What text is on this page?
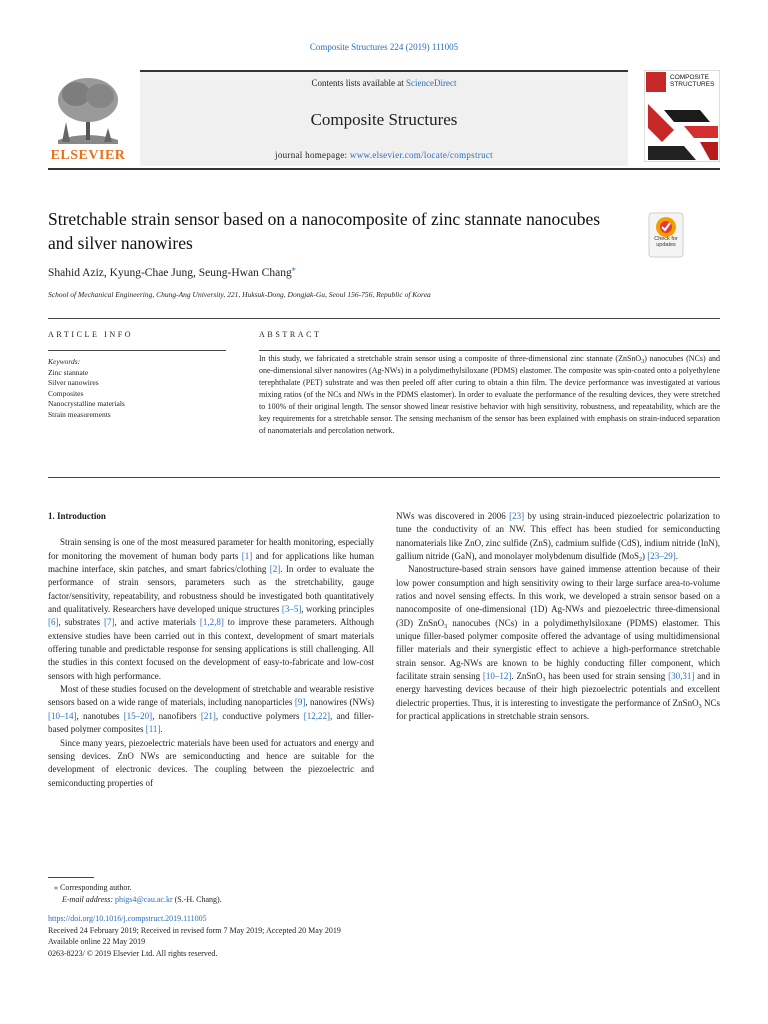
Composite Structures 224 (2019) 111005
Contents lists available at ScienceDirect
Composite Structures
journal homepage: www.elsevier.com/locate/compstruct
ELSEVIER
COMPOSITE
STRUCTURES
Stretchable strain sensor based on a nanocomposite of zinc stannate nanocubes and silver nanowires	Check for
updates
Shahid Aziz, Kyung-Chae Jung, Seung-Hwan Chang⁎
School of Mechanical Engineering, Chung-Ang University, 221, Huksuk-Dong, Dongjak-Gu, Seoul 156-756, Republic of Korea
ARTICLE INFO
Keywords:
Zinc stannate
Silver nanowires
Composites
Nanocrystalline materials
Strain measurements
ABSTRACT
In this study, we fabricated a stretchable strain sensor using a composite of three-dimensional zinc stannate (ZnSnO$_3$) nanocubes (NCs) and one-dimensional silver nanowires (Ag-NWs) in a polydimethylsiloxane (PDMS) elastomer. The composite was spin-coated onto a polyethylene terephthalate (PET) substrate and was then peeled off after curing to obtain a thin film. The device performance was investigated at various mixing ratios (of the NCs and NWs in the PDMS elastomer). In order to evaluate the performance of the resulting devices, they were stretched to 100% of their original length. The sensor showed linear resistive behavior with high sensitivity, robustness, and repeatability, which are the key requirements for a stretchable sensor. The sensing mechanism of the sensor has been explained with emphasis on strain-induced separation of nanomaterials and percolation network.
1. Introduction

Strain sensing is one of the most measured parameter for health monitoring, especially for monitoring the movement of human body parts [1] and for applications like human machine interface, skin patches, and smart fabrics/clothing [2]. In order to evaluate the performance of strain sensors, parameters such as the stretchability, gauge factor/sensitivity, repeatability, and robustness should be investigated both quantitatively and qualitatively. Researchers have developed unique structures [3–5], working principles [6], substrates [7], and active materials [1,2,8] to improve these parameters. Although extensive studies have been carried out in this context, development of smart materials offering tunable and predictable response for sensing applications is still challenging. All the studies in this context focused on the development of easy-to-fabricate and low-cost sensors with high performance.

Most of these studies focused on the development of stretchable and wearable resistive sensors based on a wide range of materials, including nanoparticles [9], nanowires (NWs) [10–14], nanotubes [15–20], nanofibers [21], conductive polymers [12,22], and filler-based polymer composites [11].

Since many years, piezoelectric materials have been used for actuators and energy and sensing devices. ZnO NWs are semiconducting and hence are suitable for the development of electronic devices. The coupling between the piezoelectric and semiconducting properties of

NWs was discovered in 2006 [23] by using strain-induced piezoelectric polarization to tune the conductivity of an NW. This effect has been studied for semiconducting nanomaterials like ZnO, zinc sulfide (ZnS), cadmium sulfide (CdS), indium nitride (InN), gallium nitride (GaN), and monolayer molybdenum disulfide (MoS$_2$) [23–29].

Nanostructure-based strain sensors have gained immense attention because of their low power consumption and high sensitivity owing to their large surface area-to-volume ratios and novel sensing effects. In this work, we developed a strain sensor based on a nanocomposite of one-dimensional (1D) Ag-NWs and piezoelectric three-dimensional (3D) ZnSnO$_3$ nanocubes (NCs) in a polydimethylsiloxane (PDMS) elastomer. This unique filler-based polymer composite offered the advantage of using multidimensional filler materials and their synergistic effect to achieve a high-performance stretchable strain sensor. Ag-NWs are known to be highly conducting filler component, which facilitate strain sensing [10–12]. ZnSnO$_3$ has been used for strain sensing [30,31] and in energy harvesting devices because of their high piezoelectric potentials and excellent dielectric properties. Thus, it is interesting to investigate the performance of ZnSnO$_3$ NCs for practical applications in stretchable strain sensors.

⁎ Corresponding author.
E-mail address: phigs4@cau.ac.kr (S.-H. Chang).
https://doi.org/10.1016/j.compstruct.2019.111005
Received 24 February 2019; Received in revised form 7 May 2019; Accepted 20 May 2019
Available online 22 May 2019
0263-8223/ © 2019 Elsevier Ltd. All rights reserved.
